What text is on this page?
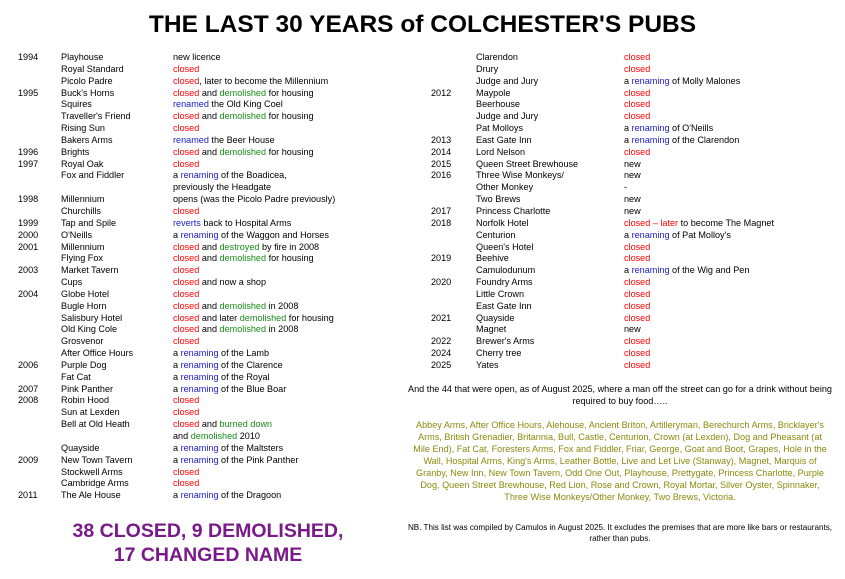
THE LAST 30 YEARS of COLCHESTER'S PUBS
1994	Playhouse	new licence
Royal Standard	closed
Picolo Padre	closed, later to become the Millennium
1995	Buck's Horns	closed and demolished for housing
Squires	renamed the Old King Coel
Traveller's Friend	closed and demolished for housing
Rising Sun	closed
Bakers Arms	renamed the Beer House
1996	Brights	closed and demolished for housing
1997	Royal Oak	closed
Fox and Fiddler	a renaming of the Boadicea,
previously the Headgate
1998	Millennium	opens (was the Picolo Padre previously)
Churchills	closed
1999	Tap and Spile	reverts back to Hospital Arms
2000	O'Neills	a renaming of the Waggon and Horses
2001	Millennium	closed and destroyed by fire in 2008
Flying Fox	closed and demolished for housing
2003	Market Tavern	closed
Cups	closed and now a shop
2004	Globe Hotel	closed
Bugle Horn	closed and demolished in 2008
Salisbury Hotel	closed and later demolished for housing
Old King Cole	closed and demolished in 2008
Grosvenor	closed
After Office Hours	a renaming of the Lamb
2006	Purple Dog	a renaming of the Clarence
Fat Cat	a renaming of the Royal
2007	Pink Panther	a renaming of the Blue Boar
2008	Robin Hood	closed
Sun at Lexden	closed
Bell at Old Heath	closed and burned down
and demolished 2010
Quayside	a renaming of the Maltsters
2009	New Town Tavern	a renaming of the Pink Panther
Stockwell Arms	closed
Cambridge Arms	closed
2011	The Ale House	a renaming of the Dragoon
Clarendon	closed
Drury	closed
Judge and Jury	a renaming of Molly Malones
2012	Maypole	closed
Beerhouse	closed
Judge and Jury	closed
Pat Molloys	a renaming of O'Neills
2013	East Gate Inn	a renaming of the Clarendon
2014	Lord Nelson	closed
2015	Queen Street Brewhouse	new
2016	Three Wise Monkeys/	new
Other Monkey	-
Two Brews	new
2017	Princess Charlotte	new
2018	Norfolk Hotel	closed – later to become The Magnet
Centurion	a renaming of Pat Molloy's
Queen's Hotel	closed
2019	Beehive	closed
Camulodunum	a renaming of the Wig and Pen
2020	Foundry Arms	closed
Little Crown	closed
East Gate Inn	closed
2021	Quayside	closed
Magnet	new
2022	Brewer's Arms	closed
2024	Cherry tree	closed
2025	Yates	closed
38 CLOSED, 9 DEMOLISHED,
17 CHANGED NAME
And the 44 that were open, as of August 2025, where a man off the street can go for a drink without being required to buy food…..
Abbey Arms, After Office Hours, Alehouse, Ancient Briton, Artilleryman, Berechurch Arms, Bricklayer's Arms, British Grenadier, Britannia, Bull, Castle, Centurion, Crown (at Lexden), Dog and Pheasant (at Mile End), Fat Cat, Foresters Arms, Fox and Fiddler, Friar, George, Goat and Boot, Grapes, Hole in the Wall, Hospital Arms, King's Arms, Leather Bottle, Live and Let Live (Stanway), Magnet, Marquis of Granby, New Inn, New Town Tavern, Odd One Out, Playhouse, Prettygate, Princess Charlotte, Purple Dog, Queen Street Brewhouse, Red Lion, Rose and Crown, Royal Mortar, Silver Oyster, Spinnaker, Three Wise Monkeys/Other Monkey, Two Brews, Victoria.
NB. This list was compiled by Camulos in August 2025. It excludes the premises that are more like bars or restaurants, rather than pubs.
